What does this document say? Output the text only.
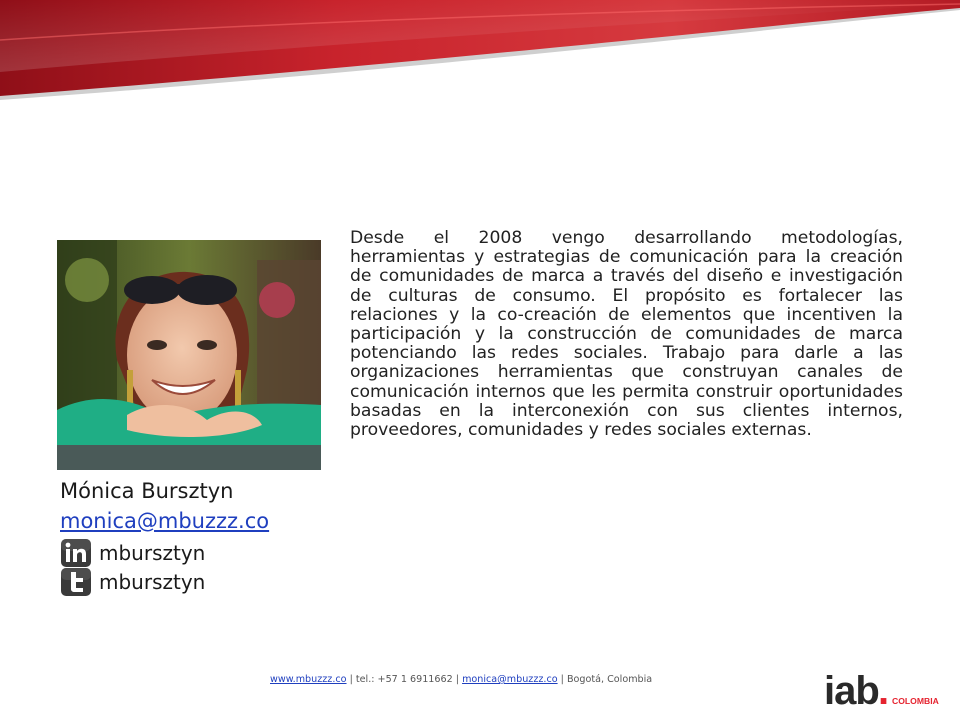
Mónica Bursztyn
monica@mbuzzz.co
mbursztyn
mbursztyn

Desde el 2008 vengo desarrollando metodologías, herramientas y estrategias de comunicación para la creación de comunidades de marca a través del diseño e investigación de culturas de consumo. El propósito es fortalecer las relaciones y la co-creación de elementos que incentiven la participación y la construcción de comunidades de marca potenciando las redes sociales. Trabajo para darle a las organizaciones herramientas que construyan canales de comunicación internos que les permita construir oportunidades basadas en la interconexión con sus clientes internos, proveedores, comunidades y redes sociales externas.

www.mbuzzz.co | tel.: +57 1 6911662 | monica@mbuzzz.co | Bogotá, Colombia	iab . COLOMBIA
